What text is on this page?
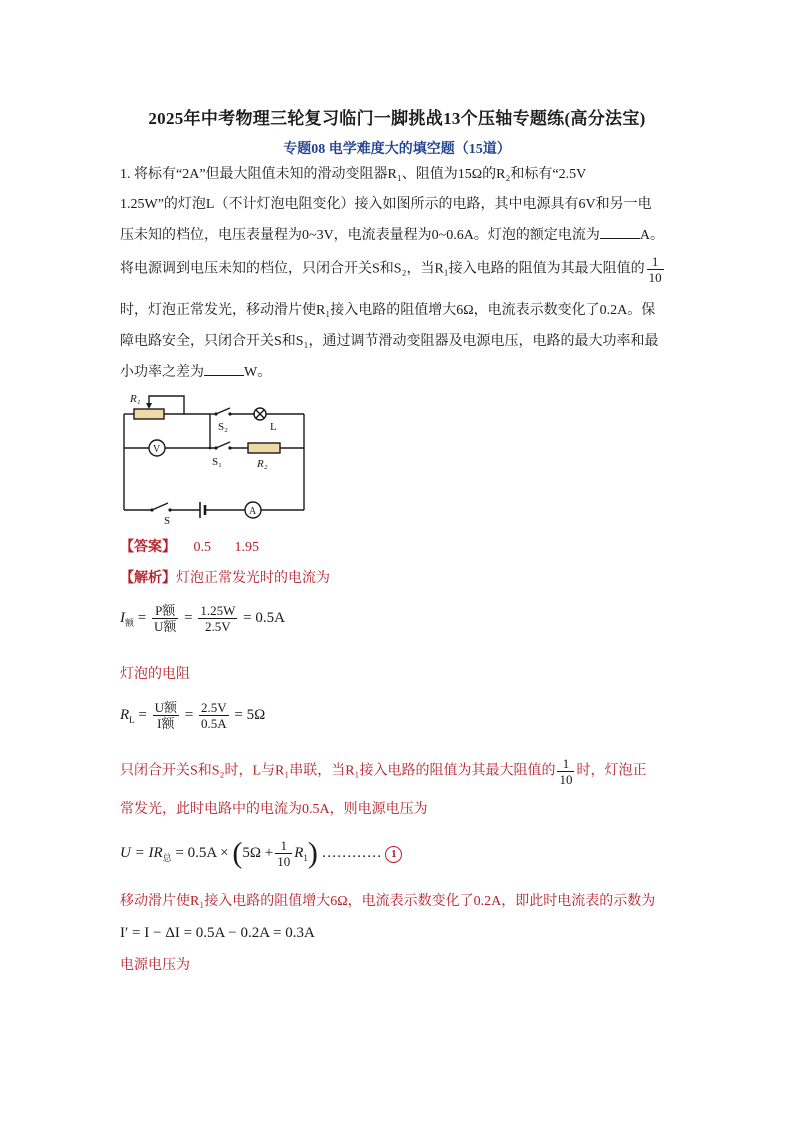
2025年中考物理三轮复习临门一脚挑战13个压轴专题练(高分法宝)
专题08 电学难度大的填空题（15道）
1. 将标有“2A”但最大阻值未知的滑动变阻器R₁、阻值为15Ω的R₂和标有“2.5V
1.25W”的灯泡L（不计灯泡电阻变化）接入如图所示的电路，其中电源具有6V和另一电
压未知的档位，电压表量程为0~3V，电流表量程为0~0.6A。灯泡的额定电流为	A。
将电源调到电压未知的档位，只闭合开关S和S₂，当R₁接入电路的阻值为其最大阻值的 $\frac{1}{10}$
时，灯泡正常发光，移动滑片使R₁接入电路的阻值增大6Ω，电流表示数变化了0.2A。保
障电路安全，只闭合开关S和S₁，通过调节滑动变阻器及电源电压，电路的最大功率和最
小功率之差为	W。
R₁
S₂	L
V
S₁	R₂
S
A
【答案】 0.5 1.95
【解析】灯泡正常发光时的电流为
$I_额 = \frac{\text{P额}}{\text{U额}} = \frac{1.25W}{2.5V} = 0.5A$
灯泡的电阻
$R_L = \frac{\text{U额}}{\text{I额}} = \frac{2.5V}{0.5A} = 5\Omega$
只闭合开关S和S₂时，L与R₁串联，当R₁接入电路的阻值为其最大阻值的 $\frac{1}{10}$ 时，灯泡正
常发光，此时电路中的电流为0.5A，则电源电压为
$U = IR_总 = 0.5A \times (5\Omega + \frac{1}{10} R_1)$ ………… 1
移动滑片使R₁接入电路的阻值增大6Ω，电流表示数变化了0.2A，即此时电流表的示数为
I′ = I − ΔI = 0.5A − 0.2A = 0.3A
电源电压为
